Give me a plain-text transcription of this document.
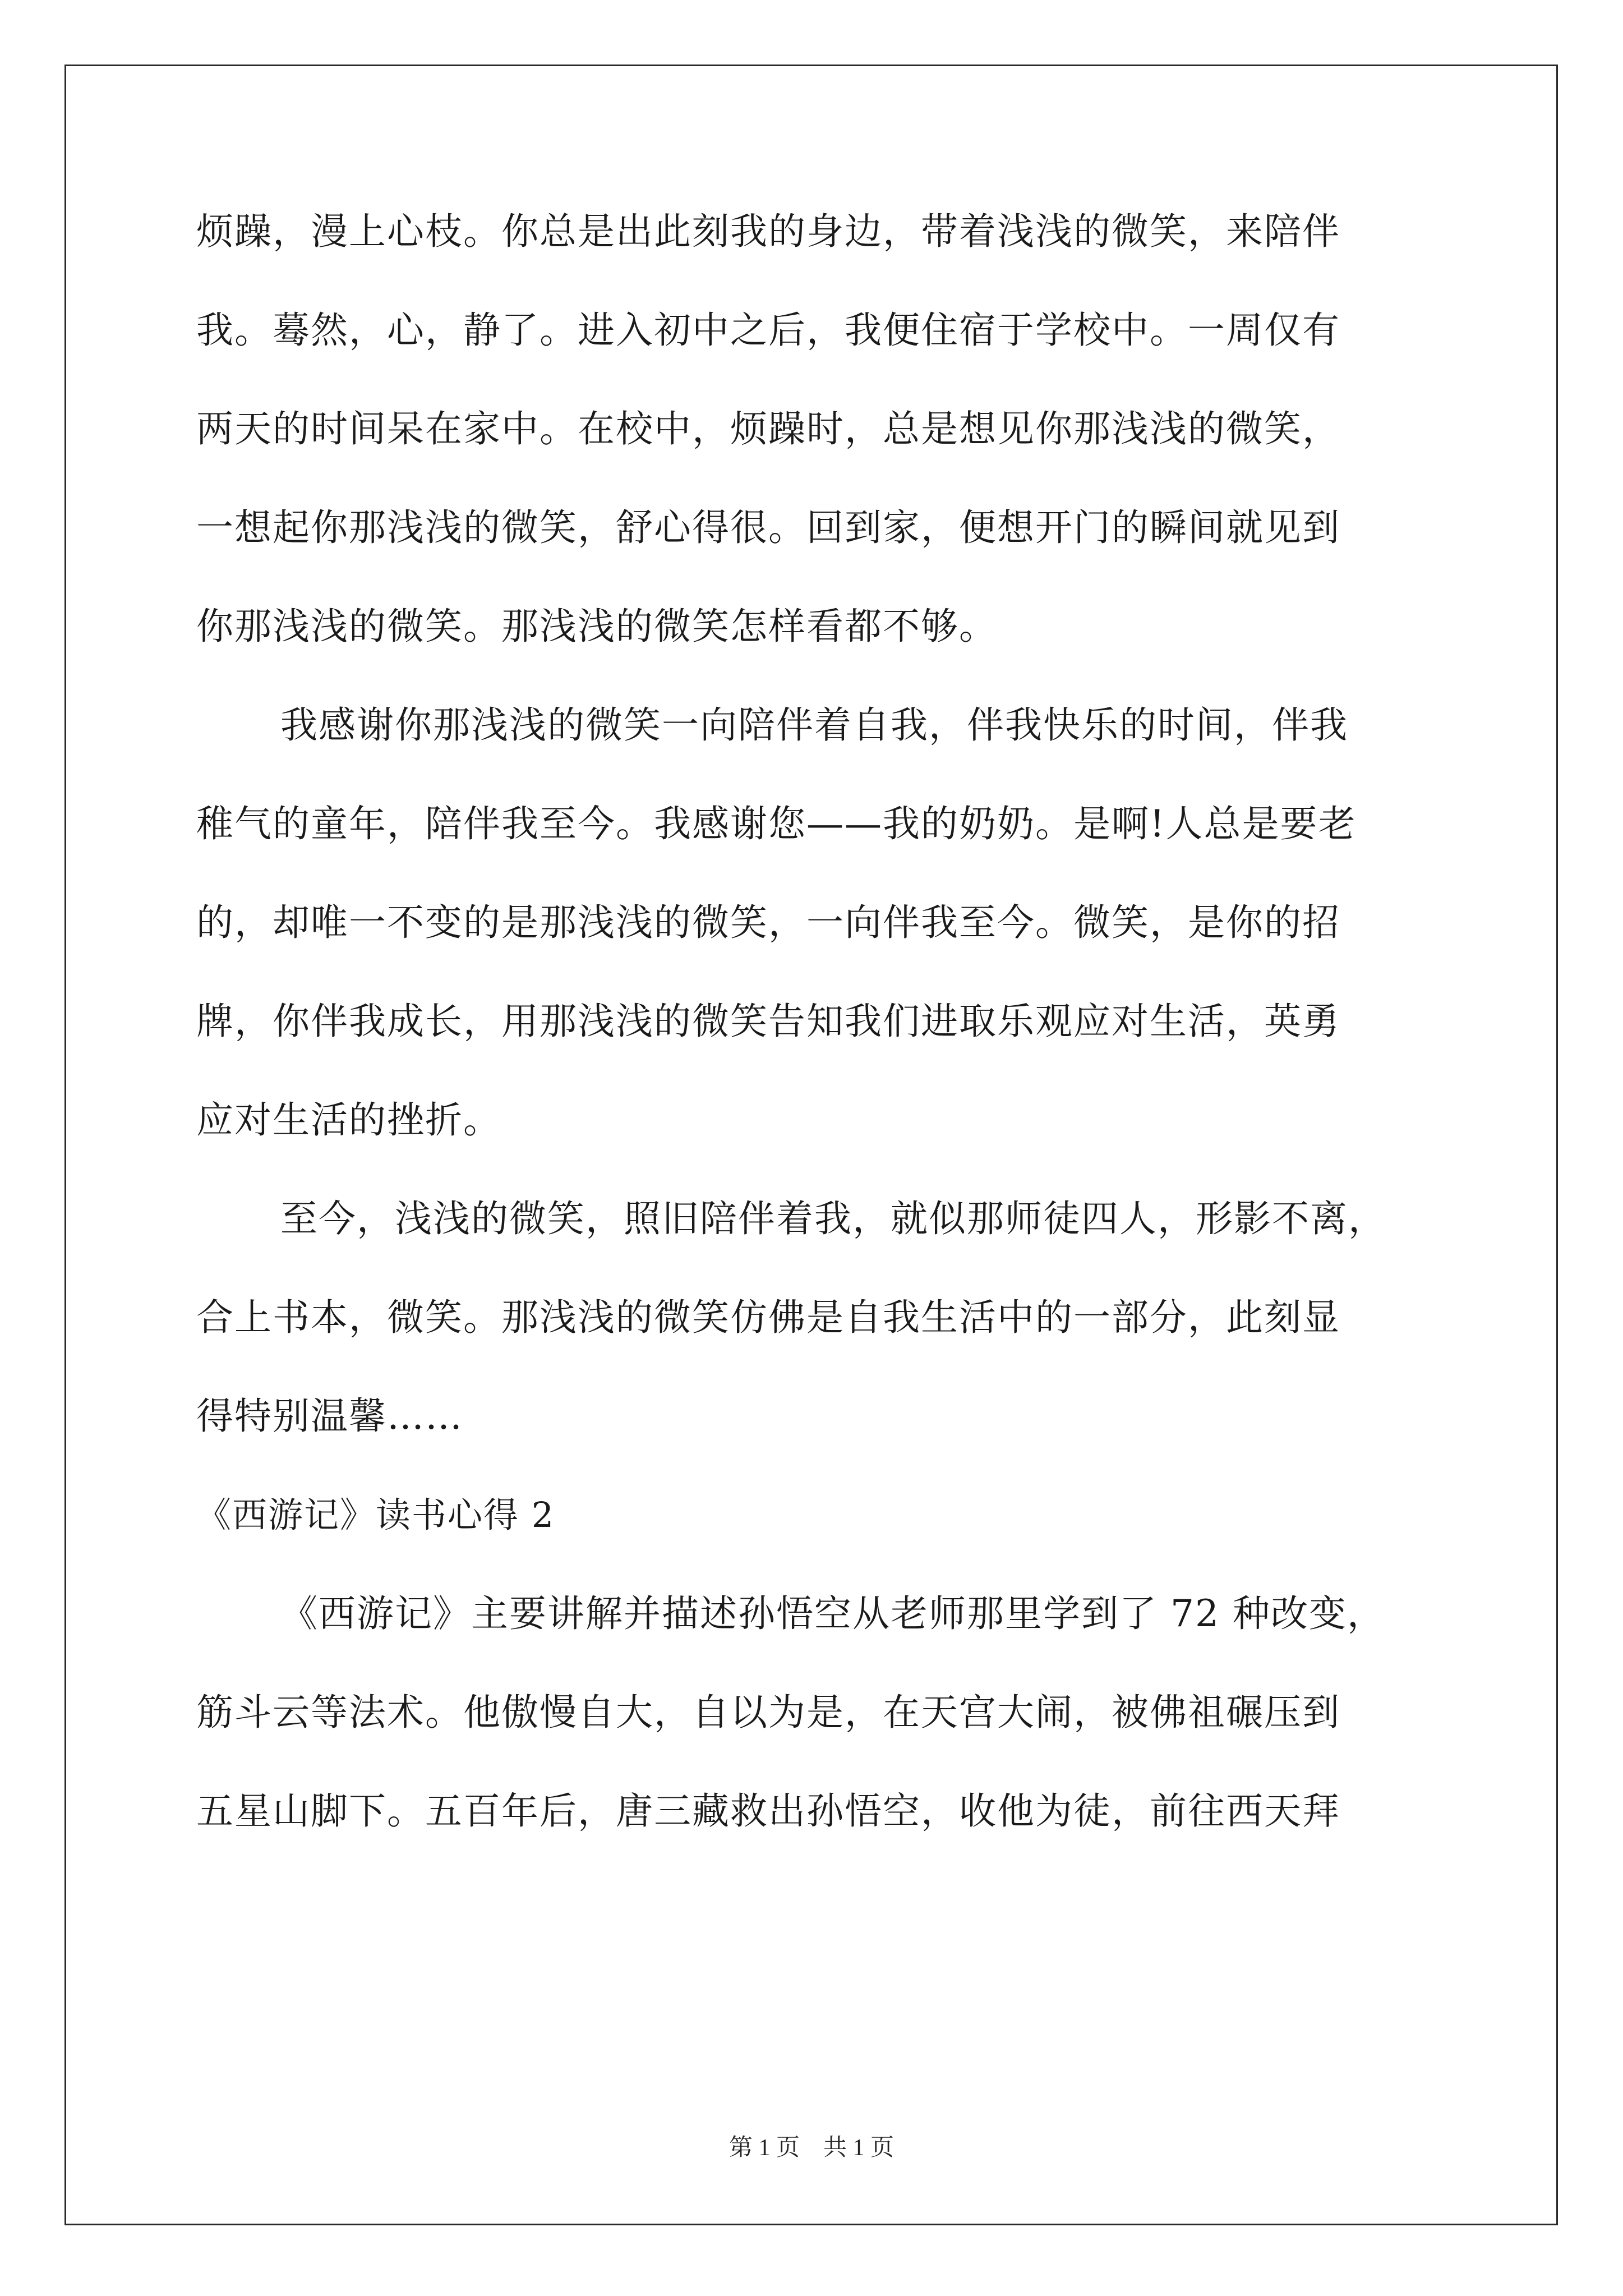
烦躁，漫上心枝。你总是出此刻我的身边，带着浅浅的微笑，来陪伴
我。蓦然，心，静了。进入初中之后，我便住宿于学校中。一周仅有
两天的时间呆在家中。在校中，烦躁时，总是想见你那浅浅的微笑，
一想起你那浅浅的微笑，舒心得很。回到家，便想开门的瞬间就见到
你那浅浅的微笑。那浅浅的微笑怎样看都不够。
我感谢你那浅浅的微笑一向陪伴着自我，伴我快乐的时间，伴我
稚气的童年，陪伴我至今。我感谢您——我的奶奶。是啊!人总是要老
的，却唯一不变的是那浅浅的微笑，一向伴我至今。微笑，是你的招
牌，你伴我成长，用那浅浅的微笑告知我们进取乐观应对生活，英勇
应对生活的挫折。
至今，浅浅的微笑，照旧陪伴着我，就似那师徒四人，形影不离，
合上书本，微笑。那浅浅的微笑仿佛是自我生活中的一部分，此刻显
得特别温馨……
《西游记》读书心得 2
《西游记》主要讲解并描述孙悟空从老师那里学到了 72 种改变，
筋斗云等法术。他傲慢自大，自以为是，在天宫大闹，被佛祖碾压到
五星山脚下。五百年后，唐三藏救出孙悟空，收他为徒，前往西天拜
第 1 页　共 1 页
